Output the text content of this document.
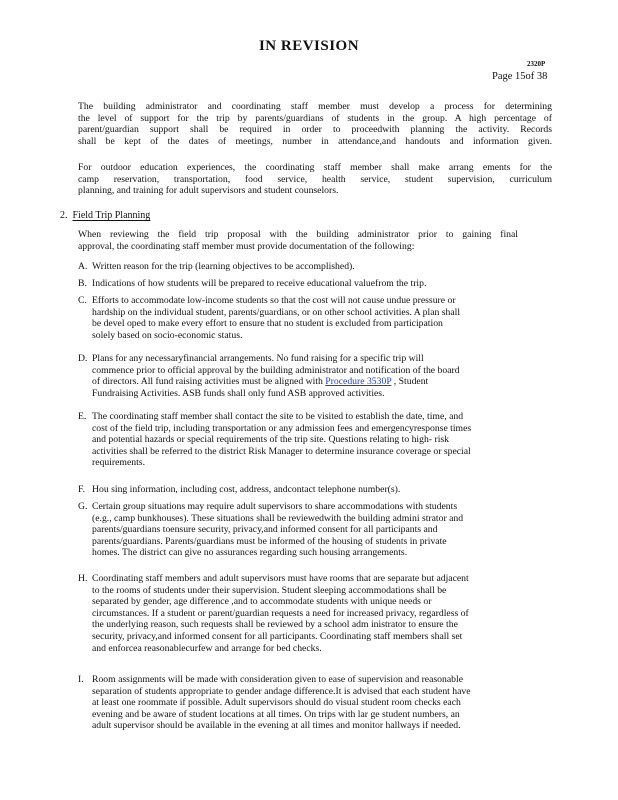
IN REVISION
2320P
Page 15of 38
The building administrator and coordinating staff member must develop a process for determining
the level of support for the trip by parents/guardians of students in the group. A high percentage of
parent/guardian support shall be required in order to proceedwith planning the activity. Records
shall be kept of the dates of meetings, number in attendance,and handouts and information given.
For outdoor education experiences, the coordinating staff member shall make arrang ements for the
camp reservation, transportation, food service, health service, student supervision, curriculum
planning, and training for adult supervisors and student counselors.
2. Field Trip Planning
When reviewing the field trip proposal with the building administrator prior to gaining final
approval, the coordinating staff member must provide documentation of the following:
A. Written reason for the trip (learning objectives to be accomplished).
B. Indications of how students will be prepared to receive educational valuefrom the trip.
C. Efforts to accommodate low-income students so that the cost will not cause undue pressure or
hardship on the individual student, parents/guardians, or on other school activities. A plan shall
be devel oped to make every effort to ensure that no student is excluded from participation
solely based on socio-economic status.
D. Plans for any necessaryfinancial arrangements. No fund raising for a specific trip will
commence prior to official approval by the building administrator and notification of the board
of directors. All fund raising activities must be aligned with Procedure 3530P , Student
Fundraising Activities. ASB funds shall only fund ASB approved activities.
E. The coordinating staff member shall contact the site to be visited to establish the date, time, and
cost of the field trip, including transportation or any admission fees and emergencyresponse times
and potential hazards or special requirements of the trip site. Questions relating to high- risk
activities shall be referred to the district Risk Manager to determine insurance coverage or special
requirements.
F. Hou sing information, including cost, address, andcontact telephone number(s).
G. Certain group situations may require adult supervisors to share accommodations with students
(e.g., camp bunkhouses). These situations shall be reviewedwith the building admini strator and
parents/guardians toensure security, privacy,and informed consent for all participants and
parents/guardians. Parents/guardians must be informed of the housing of students in private
homes. The district can give no assurances regarding such housing arrangements.
H. Coordinating staff members and adult supervisors must have rooms that are separate but adjacent
to the rooms of students under their supervision. Student sleeping accommodations shall be
separated by gender, age difference ,and to accommodate students with unique needs or
circumstances. If a student or parent/guardian requests a need for increased privacy, regardless of
the underlying reason, such requests shall be reviewed by a school adm inistrator to ensure the
security, privacy,and informed consent for all participants. Coordinating staff members shall set
and enforcea reasonablecurfew and arrange for bed checks.
I. Room assignments will be made with consideration given to ease of supervision and reasonable
separation of students appropriate to gender andage difference.It is advised that each student have
at least one roommate if possible. Adult supervisors should do visual student room checks each
evening and be aware of student locations at all times. On trips with lar ge student numbers, an
adult supervisor should be available in the evening at all times and monitor hallways if needed.
